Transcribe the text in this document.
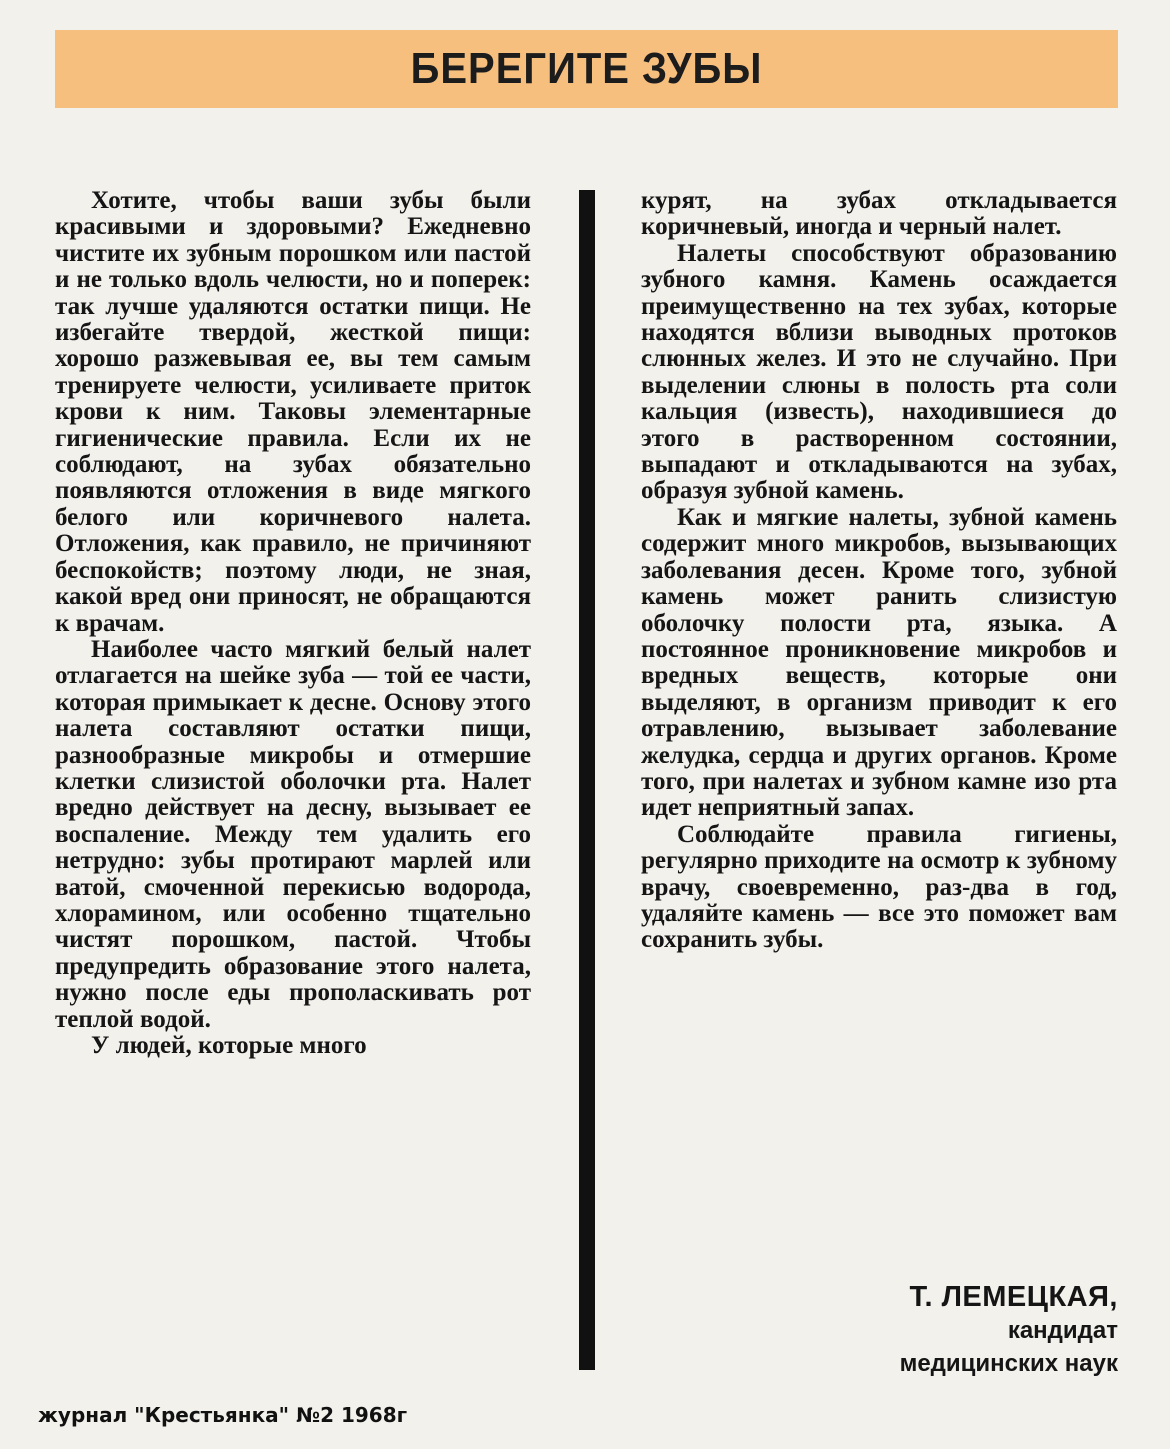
БЕРЕГИТЕ ЗУБЫ

Хотите, чтобы ваши зубы были красивыми и здоровыми? Ежедневно чистите их зубным порошком или пастой и не только вдоль челюсти, но и поперек: так лучше удаляются остатки пищи. Не избегайте твердой, жесткой пищи: хорошо разжевывая ее, вы тем самым тренируете челюсти, усиливаете приток крови к ним. Таковы элементарные гигиенические правила. Если их не соблюдают, на зубах обязательно появляются отложения в виде мягкого белого или коричневого налета. Отложения, как правило, не причиняют беспокойств; поэтому люди, не зная, какой вред они приносят, не обращаются к врачам.

Наиболее часто мягкий белый налет отлагается на шейке зуба — той ее части, которая примыкает к десне. Основу этого налета составляют остатки пищи, разнообразные микробы и отмершие клетки слизистой оболочки рта. Налет вредно действует на десну, вызывает ее воспаление. Между тем удалить его нетрудно: зубы протирают марлей или ватой, смоченной перекисью водорода, хлорамином, или особенно тщательно чистят порошком, пастой. Чтобы предупредить образование этого налета, нужно после еды прополаскивать рот теплой водой.

У людей, которые много

курят, на зубах откладывается коричневый, иногда и черный налет.

Налеты способствуют образованию зубного камня. Камень осаждается преимущественно на тех зубах, которые находятся вблизи выводных протоков слюнных желез. И это не случайно. При выделении слюны в полость рта соли кальция (известь), находившиеся до этого в растворенном состоянии, выпадают и откладываются на зубах, образуя зубной камень.

Как и мягкие налеты, зубной камень содержит много микробов, вызывающих заболевания десен. Кроме того, зубной камень может ранить слизистую оболочку полости рта, языка. А постоянное проникновение микробов и вредных веществ, которые они выделяют, в организм приводит к его отравлению, вызывает заболевание желудка, сердца и других органов. Кроме того, при налетах и зубном камне изо рта идет неприятный запах.

Соблюдайте правила гигиены, регулярно приходите на осмотр к зубному врачу, своевременно, раз-два в год, удаляйте камень — все это поможет вам сохранить зубы.

Т. ЛЕМЕЦКАЯ,
кандидат
медицинских наук
журнал "Крестьянка" №2 1968г
